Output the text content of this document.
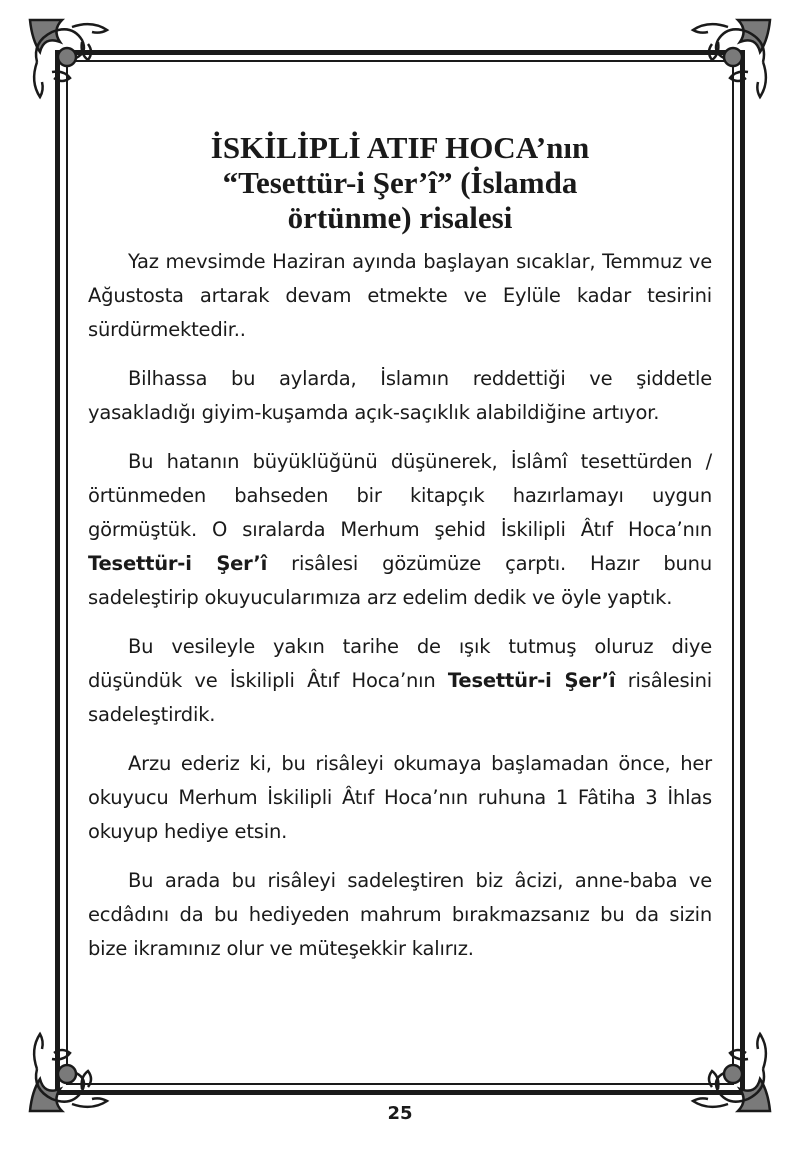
İSKİLİPLİ ATIF HOCA’nın
“Tesettür-i Şer’î” (İslamda
örtünme) risalesi

Yaz mevsimde Haziran ayında başlayan sıcaklar, Temmuz ve Ağustosta artarak devam etmekte ve Eylüle kadar tesirini sürdürmektedir..

Bilhassa bu aylarda, İslamın reddettiği ve şiddetle yasakladığı giyim-kuşamda açık-saçıklık alabildiğine artıyor.

Bu hatanın büyüklüğünü düşünerek, İslâmî tesettürden / örtünmeden bahseden bir kitapçık hazırlamayı uygun görmüştük. O sıralarda Merhum şehid İskilipli Âtıf Hoca’nın Tesettür-i Şer’î risâlesi gözümüze çarptı. Hazır bunu sadeleştirip okuyucularımıza arz edelim dedik ve öyle yaptık.

Bu vesileyle yakın tarihe de ışık tutmuş oluruz diye düşündük ve İskilipli Âtıf Hoca’nın Tesettür-i Şer’î risâlesini sadeleştirdik.

Arzu ederiz ki, bu risâleyi okumaya başlamadan önce, her okuyucu Merhum İskilipli Âtıf Hoca’nın ruhuna 1 Fâtiha 3 İhlas okuyup hediye etsin.

Bu arada bu risâleyi sadeleştiren biz âcizi, anne-baba ve ecdâdını da bu hediyeden mahrum bırakmazsanız bu da sizin bize ikramınız olur ve müteşekkir kalırız.

25
